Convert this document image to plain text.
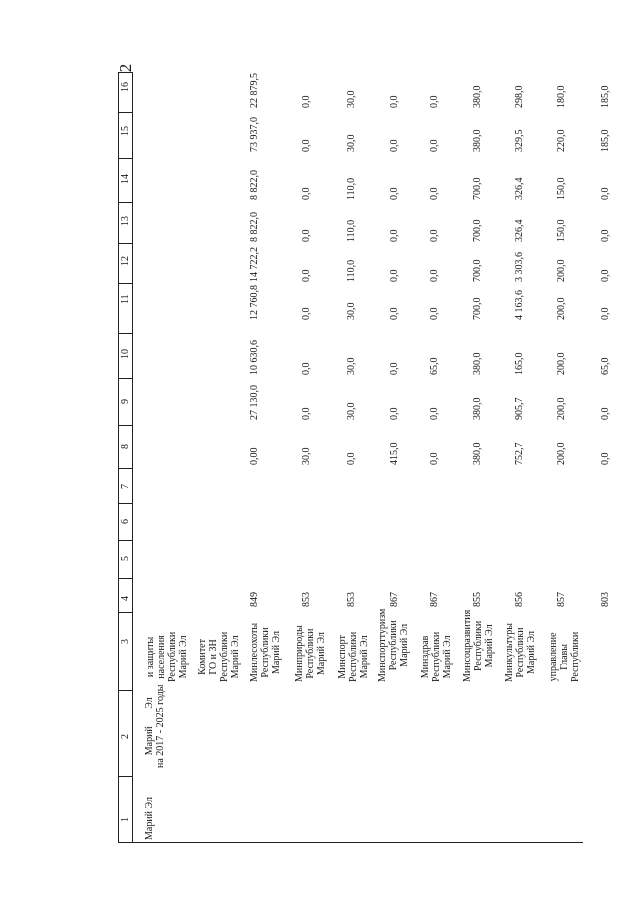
2
1
2
3
4
5
6
7
8
9
10
11
12
13
14
15
16
Марий Эл
Марий       Эл
на 2017 - 2025 годы
и защиты
населения
Республики
Марий Эл Комитет
ГО и ЗН
Республики
Марий Эл
849
0,00
27 130,0
10 630,6
12 760,8
14 722,2
8 822,0
8 822,0
73 937,0
22 879,5
Минлесохоты
Республики
Марий Эл
853
30,0
0,0
0,0
0,0
0,0
0,0
0,0
0,0
0,0
Минприроды
Республики
Марий Эл
853
0,0
30,0
30,0
30,0
110,0
110,0
110,0
30,0
30,0
Минспорт
Республики
Марий Эл
867
415,0
0,0
0,0
0,0
0,0
0,0
0,0
0,0
0,0
Минспорттуризм
Республики
Марий Эл
867
0,0
0,0
65,0
0,0
0,0
0,0
0,0
0,0
0,0
Минздрав
Республики
Марий Эл
855
380,0
380,0
380,0
700,0
700,0
700,0
700,0
380,0
380,0
Минсоцразвития
Республики
Марий Эл
856
752,7
905,7
165,0
4 163,6
3 303,6
326,4
326,4
329,5
298,0
Минкультуры
Республики
Марий Эл
857
200,0
200,0
200,0
200,0
200,0
150,0
150,0
220,0
180,0
управление
Главы
Республики
803
0,0
0,0
65,0
0,0
0,0
0,0
0,0
185,0
185,0
